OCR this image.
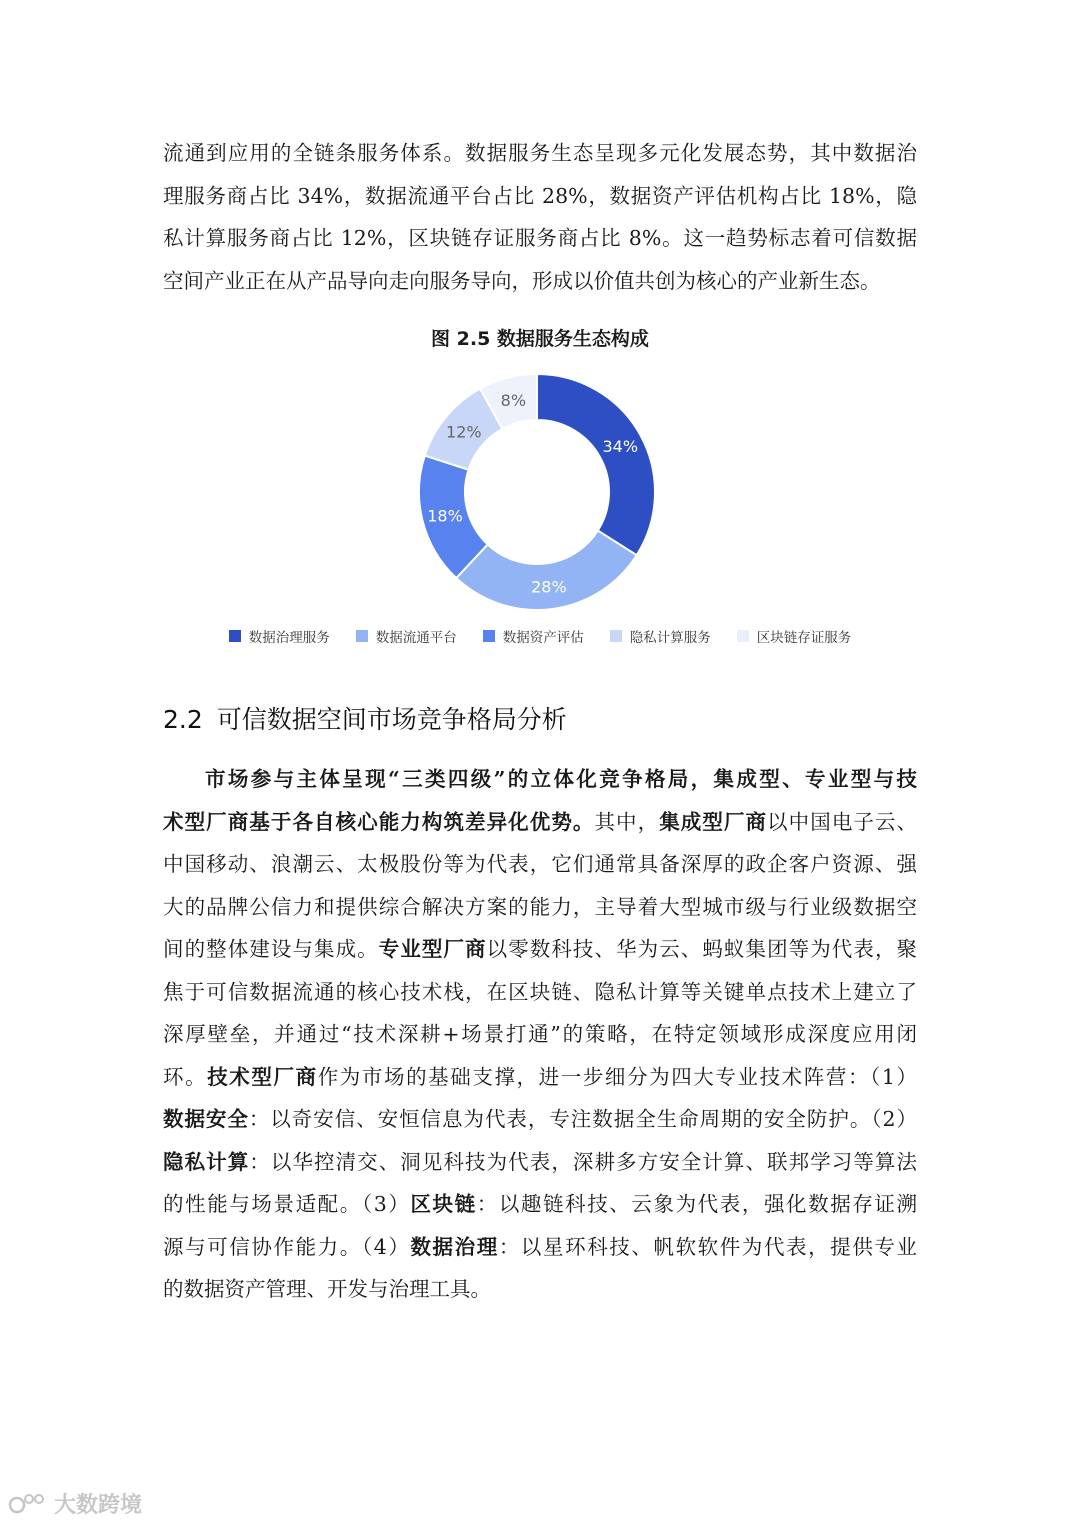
流通到应用的全链条服务体系。数据服务生态呈现多元化发展态势，其中数据治
理服务商占比 34%，数据流通平台占比 28%，数据资产评估机构占比 18%，隐
私计算服务商占比 12%，区块链存证服务商占比 8%。这一趋势标志着可信数据
空间产业正在从产品导向走向服务导向，形成以价值共创为核心的产业新生态。

图 2.5 数据服务生态构成
34%
28%
18%
12%
8%
数据治理服务	数据流通平台	数据资产评估	隐私计算服务	区块链存证服务
2.2 可信数据空间市场竞争格局分析

市场参与主体呈现“三类四级”的立体化竞争格局，集成型、专业型与技
术型厂商基于各自核心能力构筑差异化优势。其中，集成型厂商以中国电子云、
中国移动、浪潮云、太极股份等为代表，它们通常具备深厚的政企客户资源、强
大的品牌公信力和提供综合解决方案的能力，主导着大型城市级与行业级数据空
间的整体建设与集成。专业型厂商以零数科技、华为云、蚂蚁集团等为代表，聚
焦于可信数据流通的核心技术栈，在区块链、隐私计算等关键单点技术上建立了
深厚壁垒，并通过“技术深耕+场景打通”的策略，在特定领域形成深度应用闭
环。技术型厂商作为市场的基础支撑，进一步细分为四大专业技术阵营：（1）
数据安全：以奇安信、安恒信息为代表，专注数据全生命周期的安全防护。（2）
隐私计算：以华控清交、洞见科技为代表，深耕多方安全计算、联邦学习等算法
的性能与场景适配。（3）区块链：以趣链科技、云象为代表，强化数据存证溯
源与可信协作能力。（4）数据治理：以星环科技、帆软软件为代表，提供专业
的数据资产管理、开发与治理工具。

大数跨境
